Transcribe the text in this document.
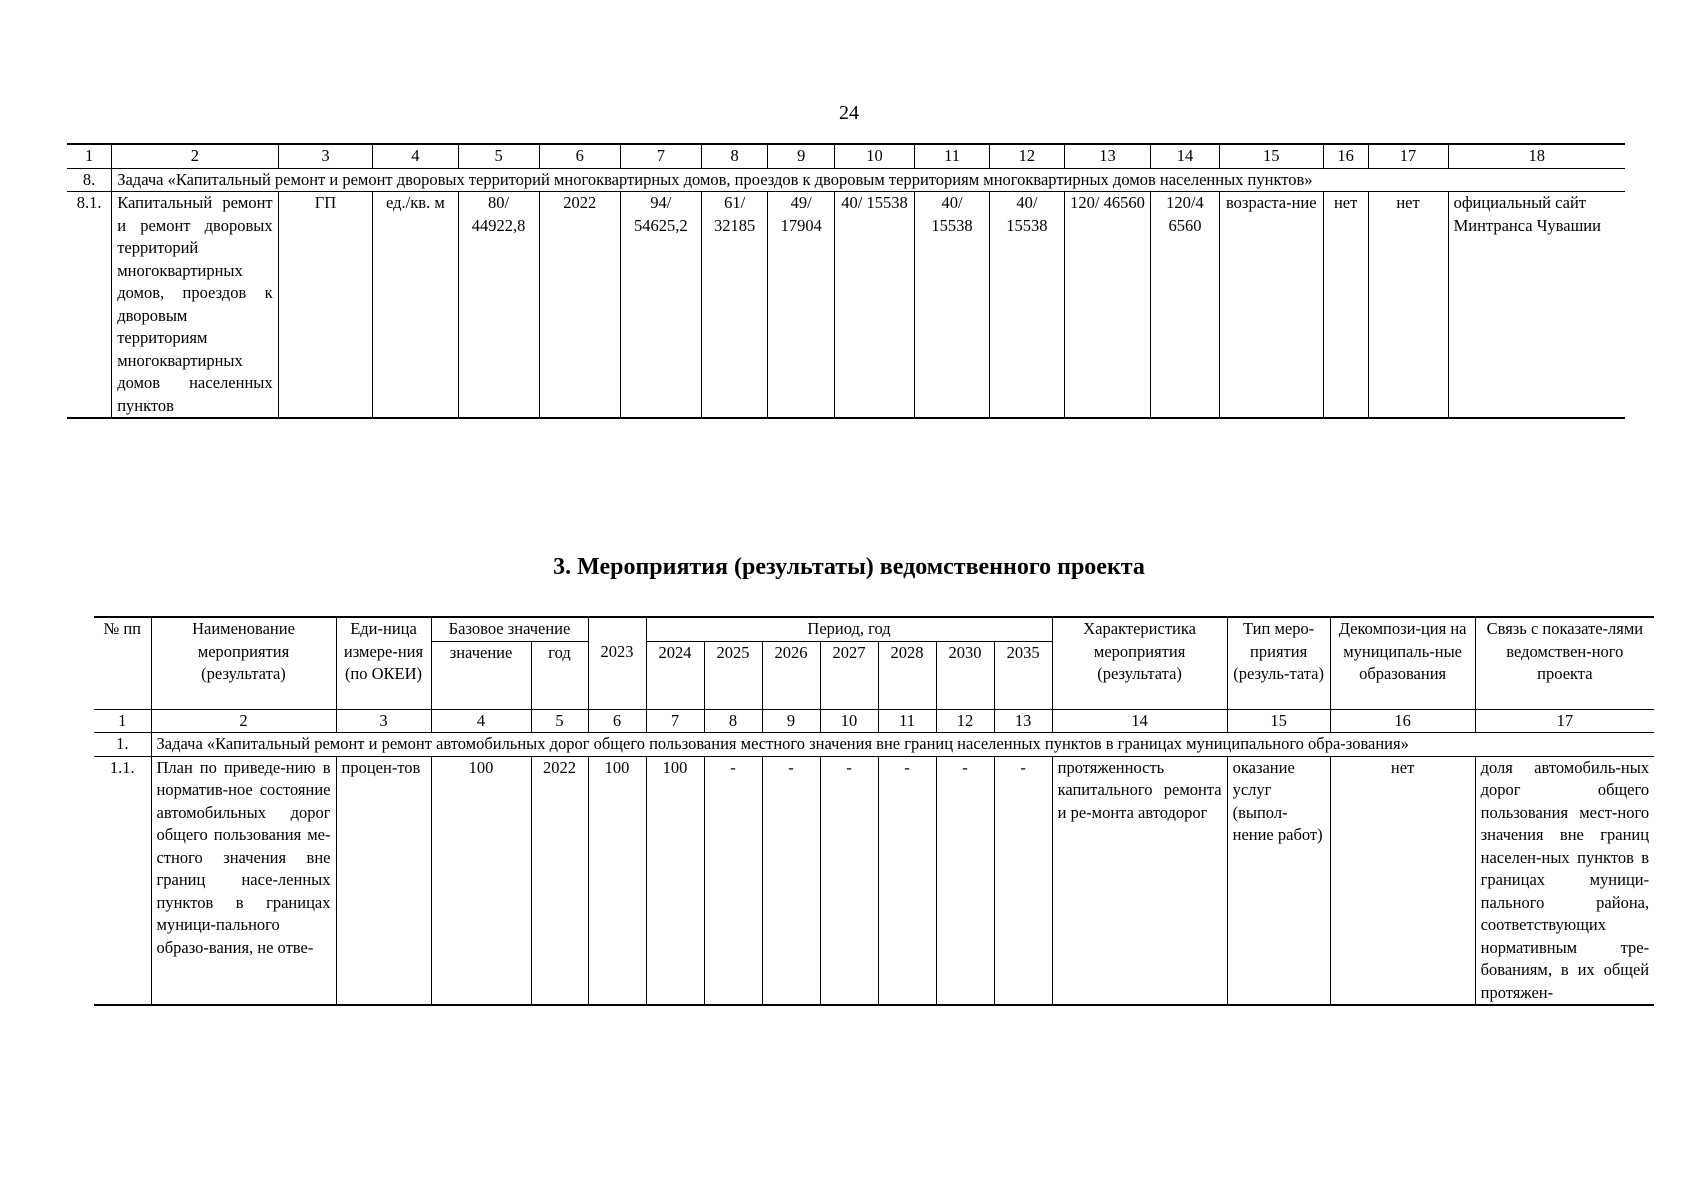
24
1	2	3	4	5	6	7	8	9	10	11	12	13	14	15	16	17	18
8.	Задача «Капитальный ремонт и ремонт дворовых территорий многоквартирных домов, проездов к дворовым территориям многоквартирных домов населенных пунктов»																
8.1.	Капитальный ремонт и ремонт дворовых территорий многоквартирных домов, проездов к дворовым территориям многоквартирных домов населенных пунктов	ГП	ед./кв. м	80/ 44922,8	2022	94/ 54625,2	61/ 32185	49/ 17904	40/ 15538	40/ 15538	40/ 15538	120/ 46560	120/4 6560	возраста-ние	нет	нет	официальный сайт Минтранса Чувашии
3. Мероприятия (результаты) ведомственного проекта
№ пп	Наименование мероприятия (результата)	Еди-ница измере-ния (по ОКЕИ)	Базовое значение			Период, год							Характеристика мероприятия (результата)	Тип меро-приятия (резуль-тата)	Декомпози-ция на муниципаль-ные образования	Связь с показате-лями ведомствен-ного проекта
			значение	год	2023	2024	2025	2026	2027	2028	2030	2035				
1	2	3	4	5	6	7	8	9	10	11	12	13	14	15	16	17
1.	Задача «Капитальный ремонт и ремонт автомобильных дорог общего пользования местного значения вне границ населенных пунктов в границах муниципального обра-зования»															
1.1.	План по приведе-нию в норматив-ное состояние автомобильных дорог общего пользования ме-стного значения вне границ насе-ленных пунктов в границах муници-пального образо-вания, не отве-	процен-тов	100	2022	100	100	-	-	-	-	-	-	протяженность капитального ремонта и ре-монта автодорог	оказание услуг (выпол-нение работ)	нет	доля автомобиль-ных дорог общего пользования мест-ного значения вне границ населен-ных пунктов в границах муници-пального района, соответствующих нормативным тре-бованиям, в их общей протяжен-
